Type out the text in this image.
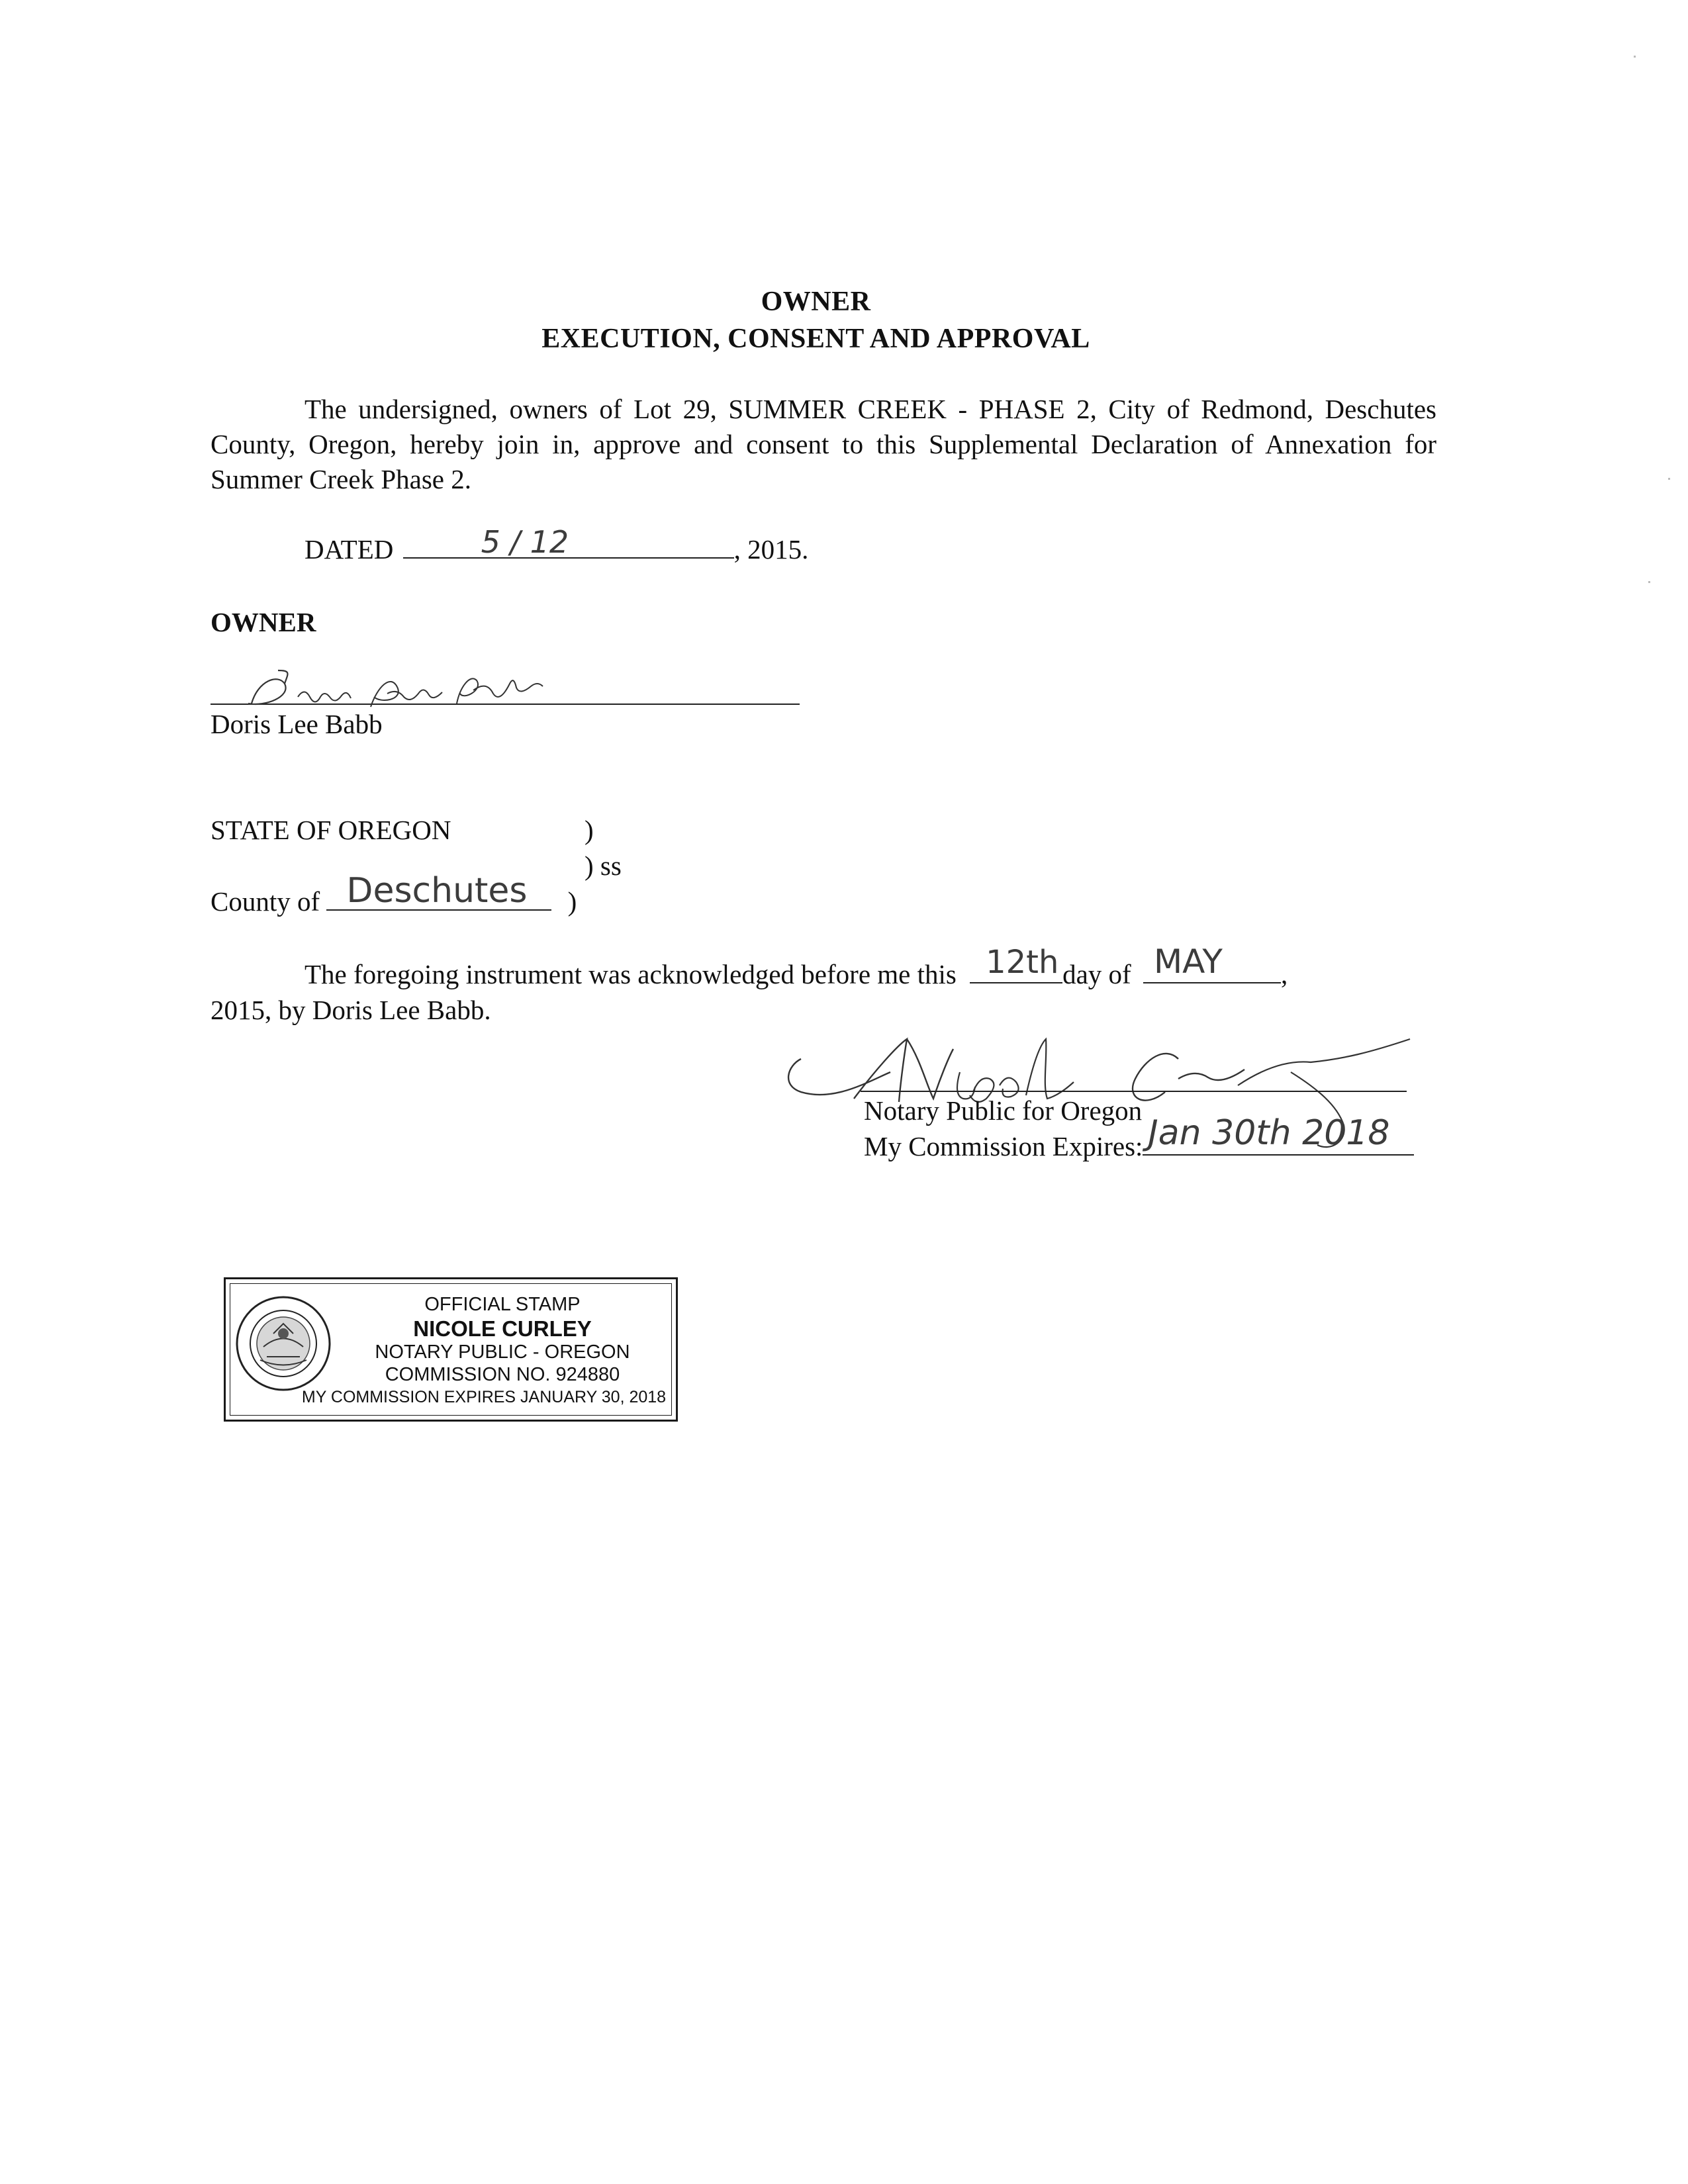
OWNER
EXECUTION, CONSENT AND APPROVAL
The undersigned, owners of Lot 29, SUMMER CREEK - PHASE 2, City of Redmond, Deschutes County, Oregon, hereby join in, approve and consent to this Supplemental Declaration of Annexation for Summer Creek Phase 2.
DATED	5 / 12	, 2015.
OWNER
Doris Lee Babb
STATE OF OREGON	)
) ss
County of Deschutes )
The foregoing instrument was acknowledged before me this 12th day of MAY ,
2015, by Doris Lee Babb.
Notary Public for Oregon
My Commission Expires: Jan 30th 2018
OFFICIAL STAMP
NICOLE CURLEY
NOTARY PUBLIC - OREGON
COMMISSION NO. 924880
MY COMMISSION EXPIRES JANUARY 30, 2018
